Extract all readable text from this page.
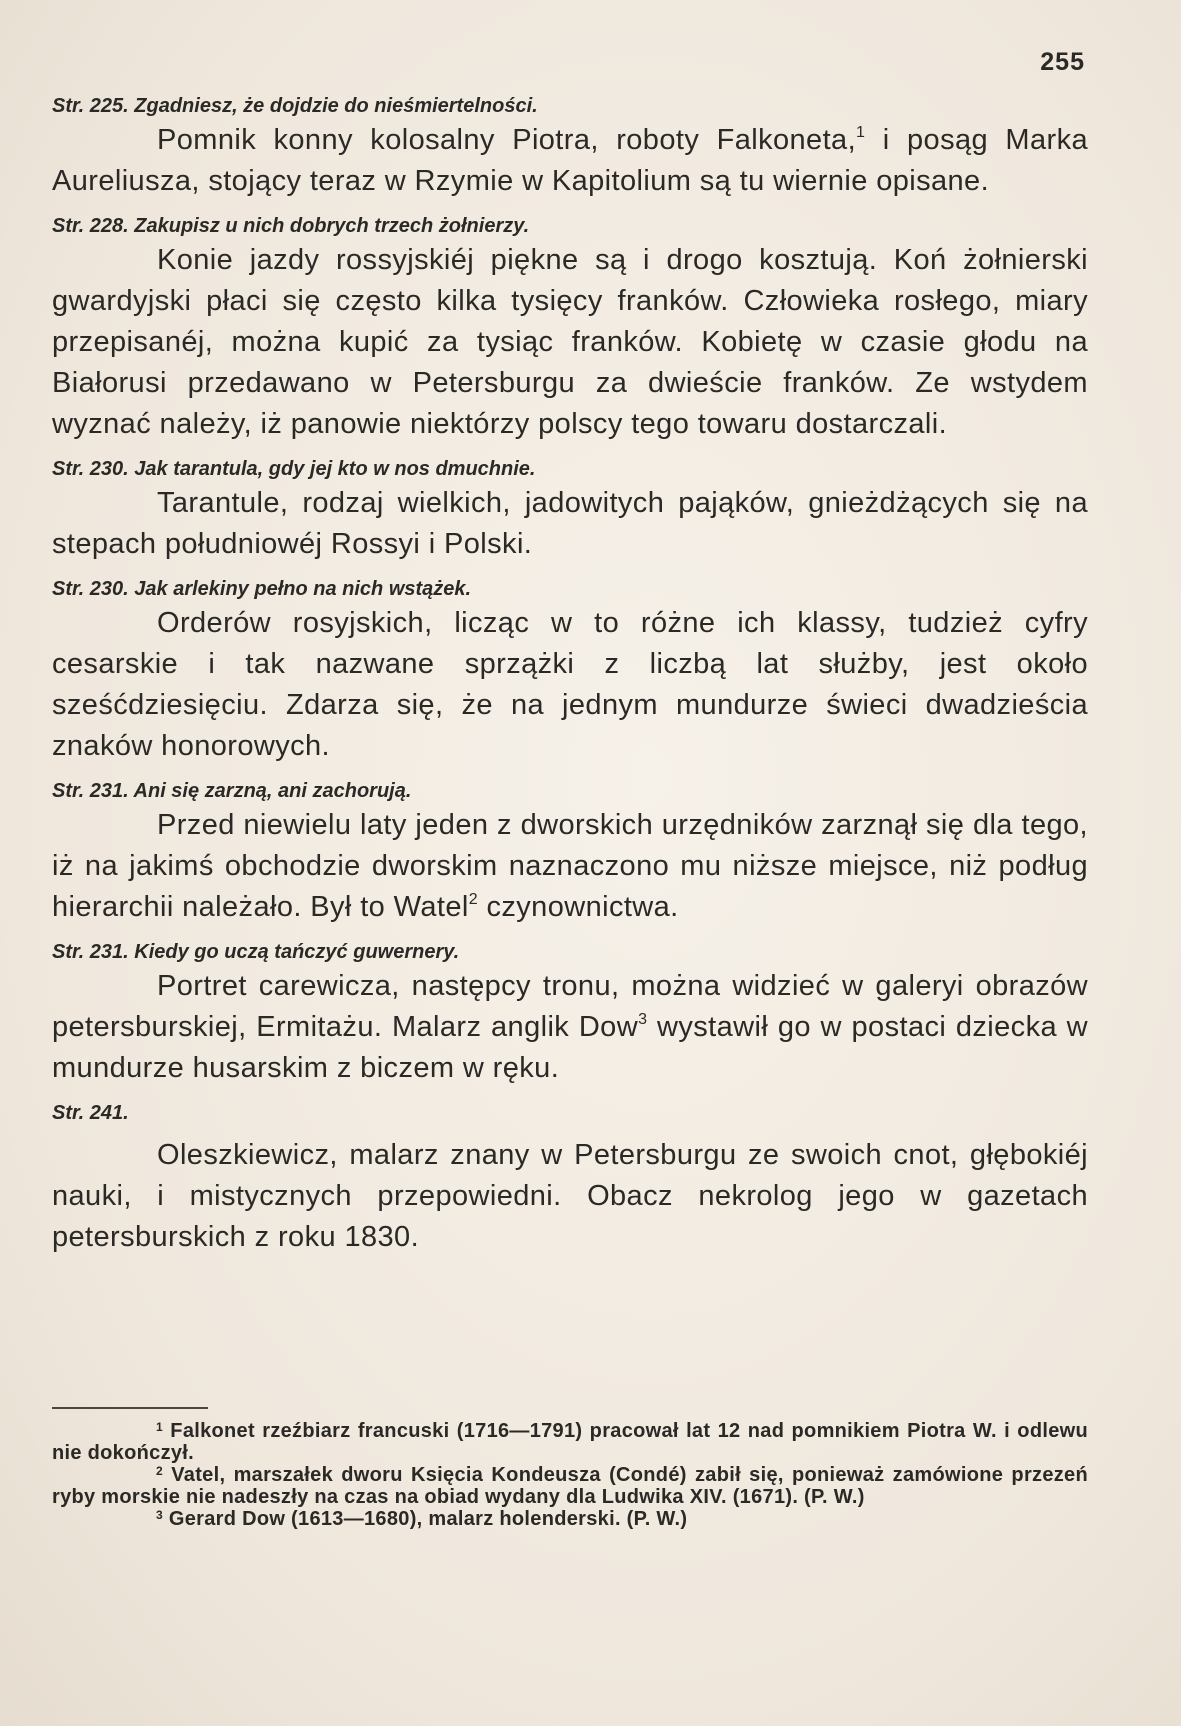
255

Str. 225. Zgadniesz, że dojdzie do nieśmiertelności.

Pomnik konny kolosalny Piotra, roboty Falkoneta,$^1$ i posąg Marka Aureliusza, stojący teraz w Rzymie w Kapitolium są tu wiernie opisane.

Str. 228. Zakupisz u nich dobrych trzech żołnierzy.

Konie jazdy rossyjskiéj piękne są i drogo kosztują. Koń żołnierski gwardyjski płaci się często kilka tysięcy franków. Człowieka rosłego, miary przepisanéj, można kupić za tysiąc franków. Kobietę w czasie głodu na Białorusi przedawano w Petersburgu za dwieście franków. Ze wstydem wyznać należy, iż panowie niektórzy polscy tego towaru dostarczali.

Str. 230. Jak tarantula, gdy jej kto w nos dmuchnie.

Tarantule, rodzaj wielkich, jadowitych pająków, gnieżdżących się na stepach południowéj Rossyi i Polski.

Str. 230. Jak arlekiny pełno na nich wstążek.

Orderów rosyjskich, licząc w to różne ich klassy, tudzież cyfry cesarskie i tak nazwane sprzążki z liczbą lat służby, jest około sześćdziesięciu. Zdarza się, że na jednym mundurze świeci dwadzieścia znaków honorowych.

Str. 231. Ani się zarzną, ani zachorują.

Przed niewielu laty jeden z dworskich urzędników zarznął się dla tego, iż na jakimś obchodzie dworskim naznaczono mu niższe miejsce, niż podług hierarchii należało. Był to Watel$^2$ czynownictwa.

Str. 231. Kiedy go uczą tańczyć guwernery.

Portret carewicza, następcy tronu, można widzieć w galeryi obrazów petersburskiej, Ermitażu. Malarz anglik Dow$^3$ wystawił go w postaci dziecka w mundurze husarskim z biczem w ręku.

Str. 241.

Oleszkiewicz, malarz znany w Petersburgu ze swoich cnot, głębokiéj nauki, i mistycznych przepowiedni. Obacz nekrolog jego w gazetach petersburskich z roku 1830.

$^1$ Falkonet rzeźbiarz francuski (1716—1791) pracował lat 12 nad pomnikiem Piotra W. i odlewu nie dokończył.

$^2$ Vatel, marszałek dworu Księcia Kondeusza (Condé) zabił się, ponieważ zamówione przezeń ryby morskie nie nadeszły na czas na obiad wydany dla Ludwika XIV. (1671). (P. W.)

$^3$ Gerard Dow (1613—1680), malarz holenderski. (P. W.)
